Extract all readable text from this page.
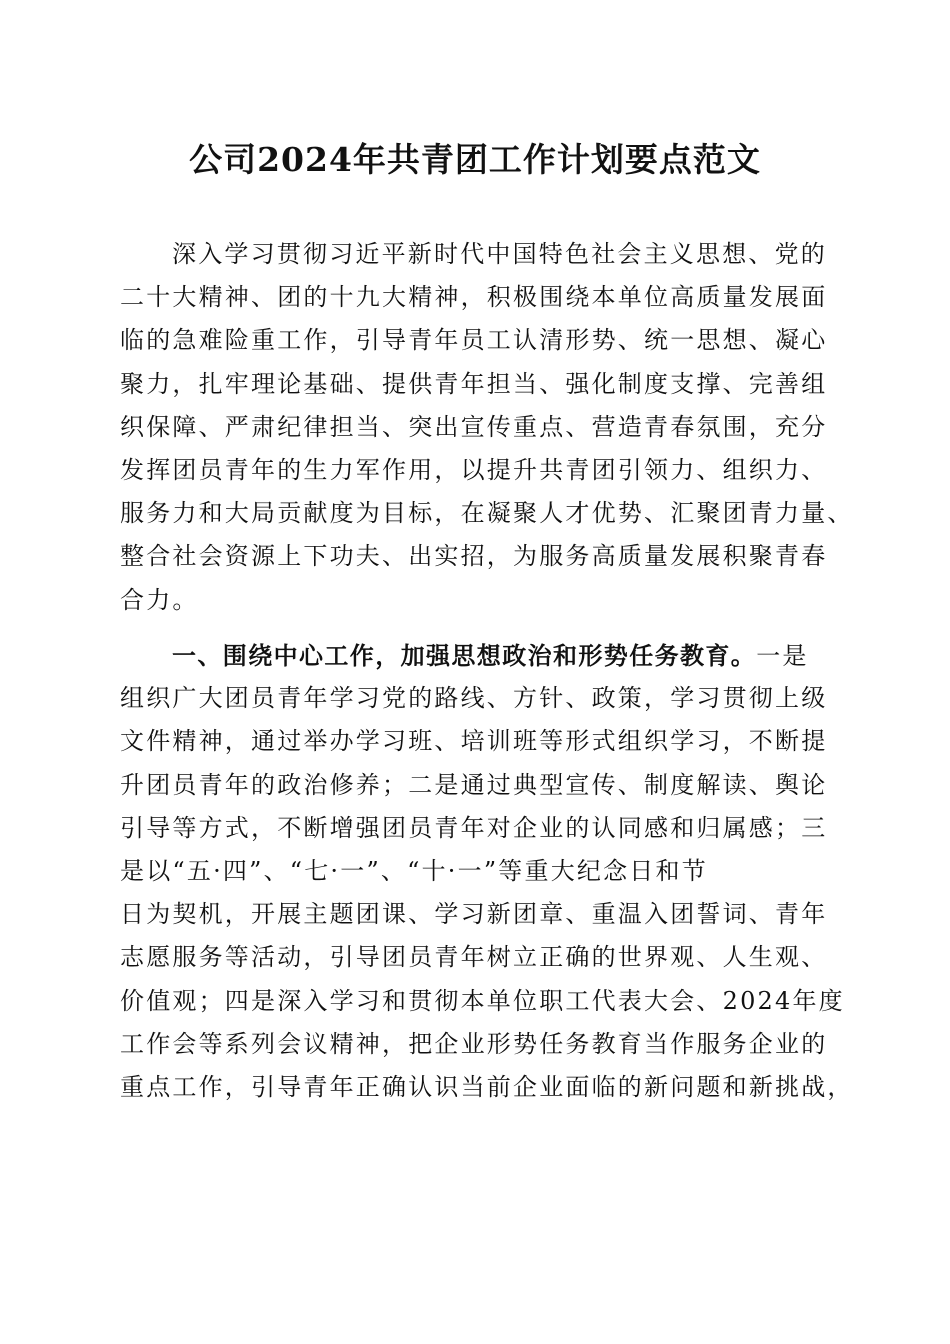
公司2024年共青团工作计划要点范文
深入学习贯彻习近平新时代中国特色社会主义思想、党的
二十大精神、团的十九大精神，积极围绕本单位高质量发展面
临的急难险重工作，引导青年员工认清形势、统一思想、凝心
聚力，扎牢理论基础、提供青年担当、强化制度支撑、完善组
织保障、严肃纪律担当、突出宣传重点、营造青春氛围，充分
发挥团员青年的生力军作用，以提升共青团引领力、组织力、
服务力和大局贡献度为目标，在凝聚人才优势、汇聚团青力量、
整合社会资源上下功夫、出实招，为服务高质量发展积聚青春
合力。
一、围绕中心工作，加强思想政治和形势任务教育。一是
组织广大团员青年学习党的路线、方针、政策，学习贯彻上级
文件精神，通过举办学习班、培训班等形式组织学习，不断提
升团员青年的政治修养；二是通过典型宣传、制度解读、舆论
引导等方式，不断增强团员青年对企业的认同感和归属感；三
是以“五·四”、“七·一”、“十·一”等重大纪念日和节
日为契机，开展主题团课、学习新团章、重温入团誓词、青年
志愿服务等活动，引导团员青年树立正确的世界观、人生观、
价值观；四是深入学习和贯彻本单位职工代表大会、2024年度
工作会等系列会议精神，把企业形势任务教育当作服务企业的
重点工作，引导青年正确认识当前企业面临的新问题和新挑战，
